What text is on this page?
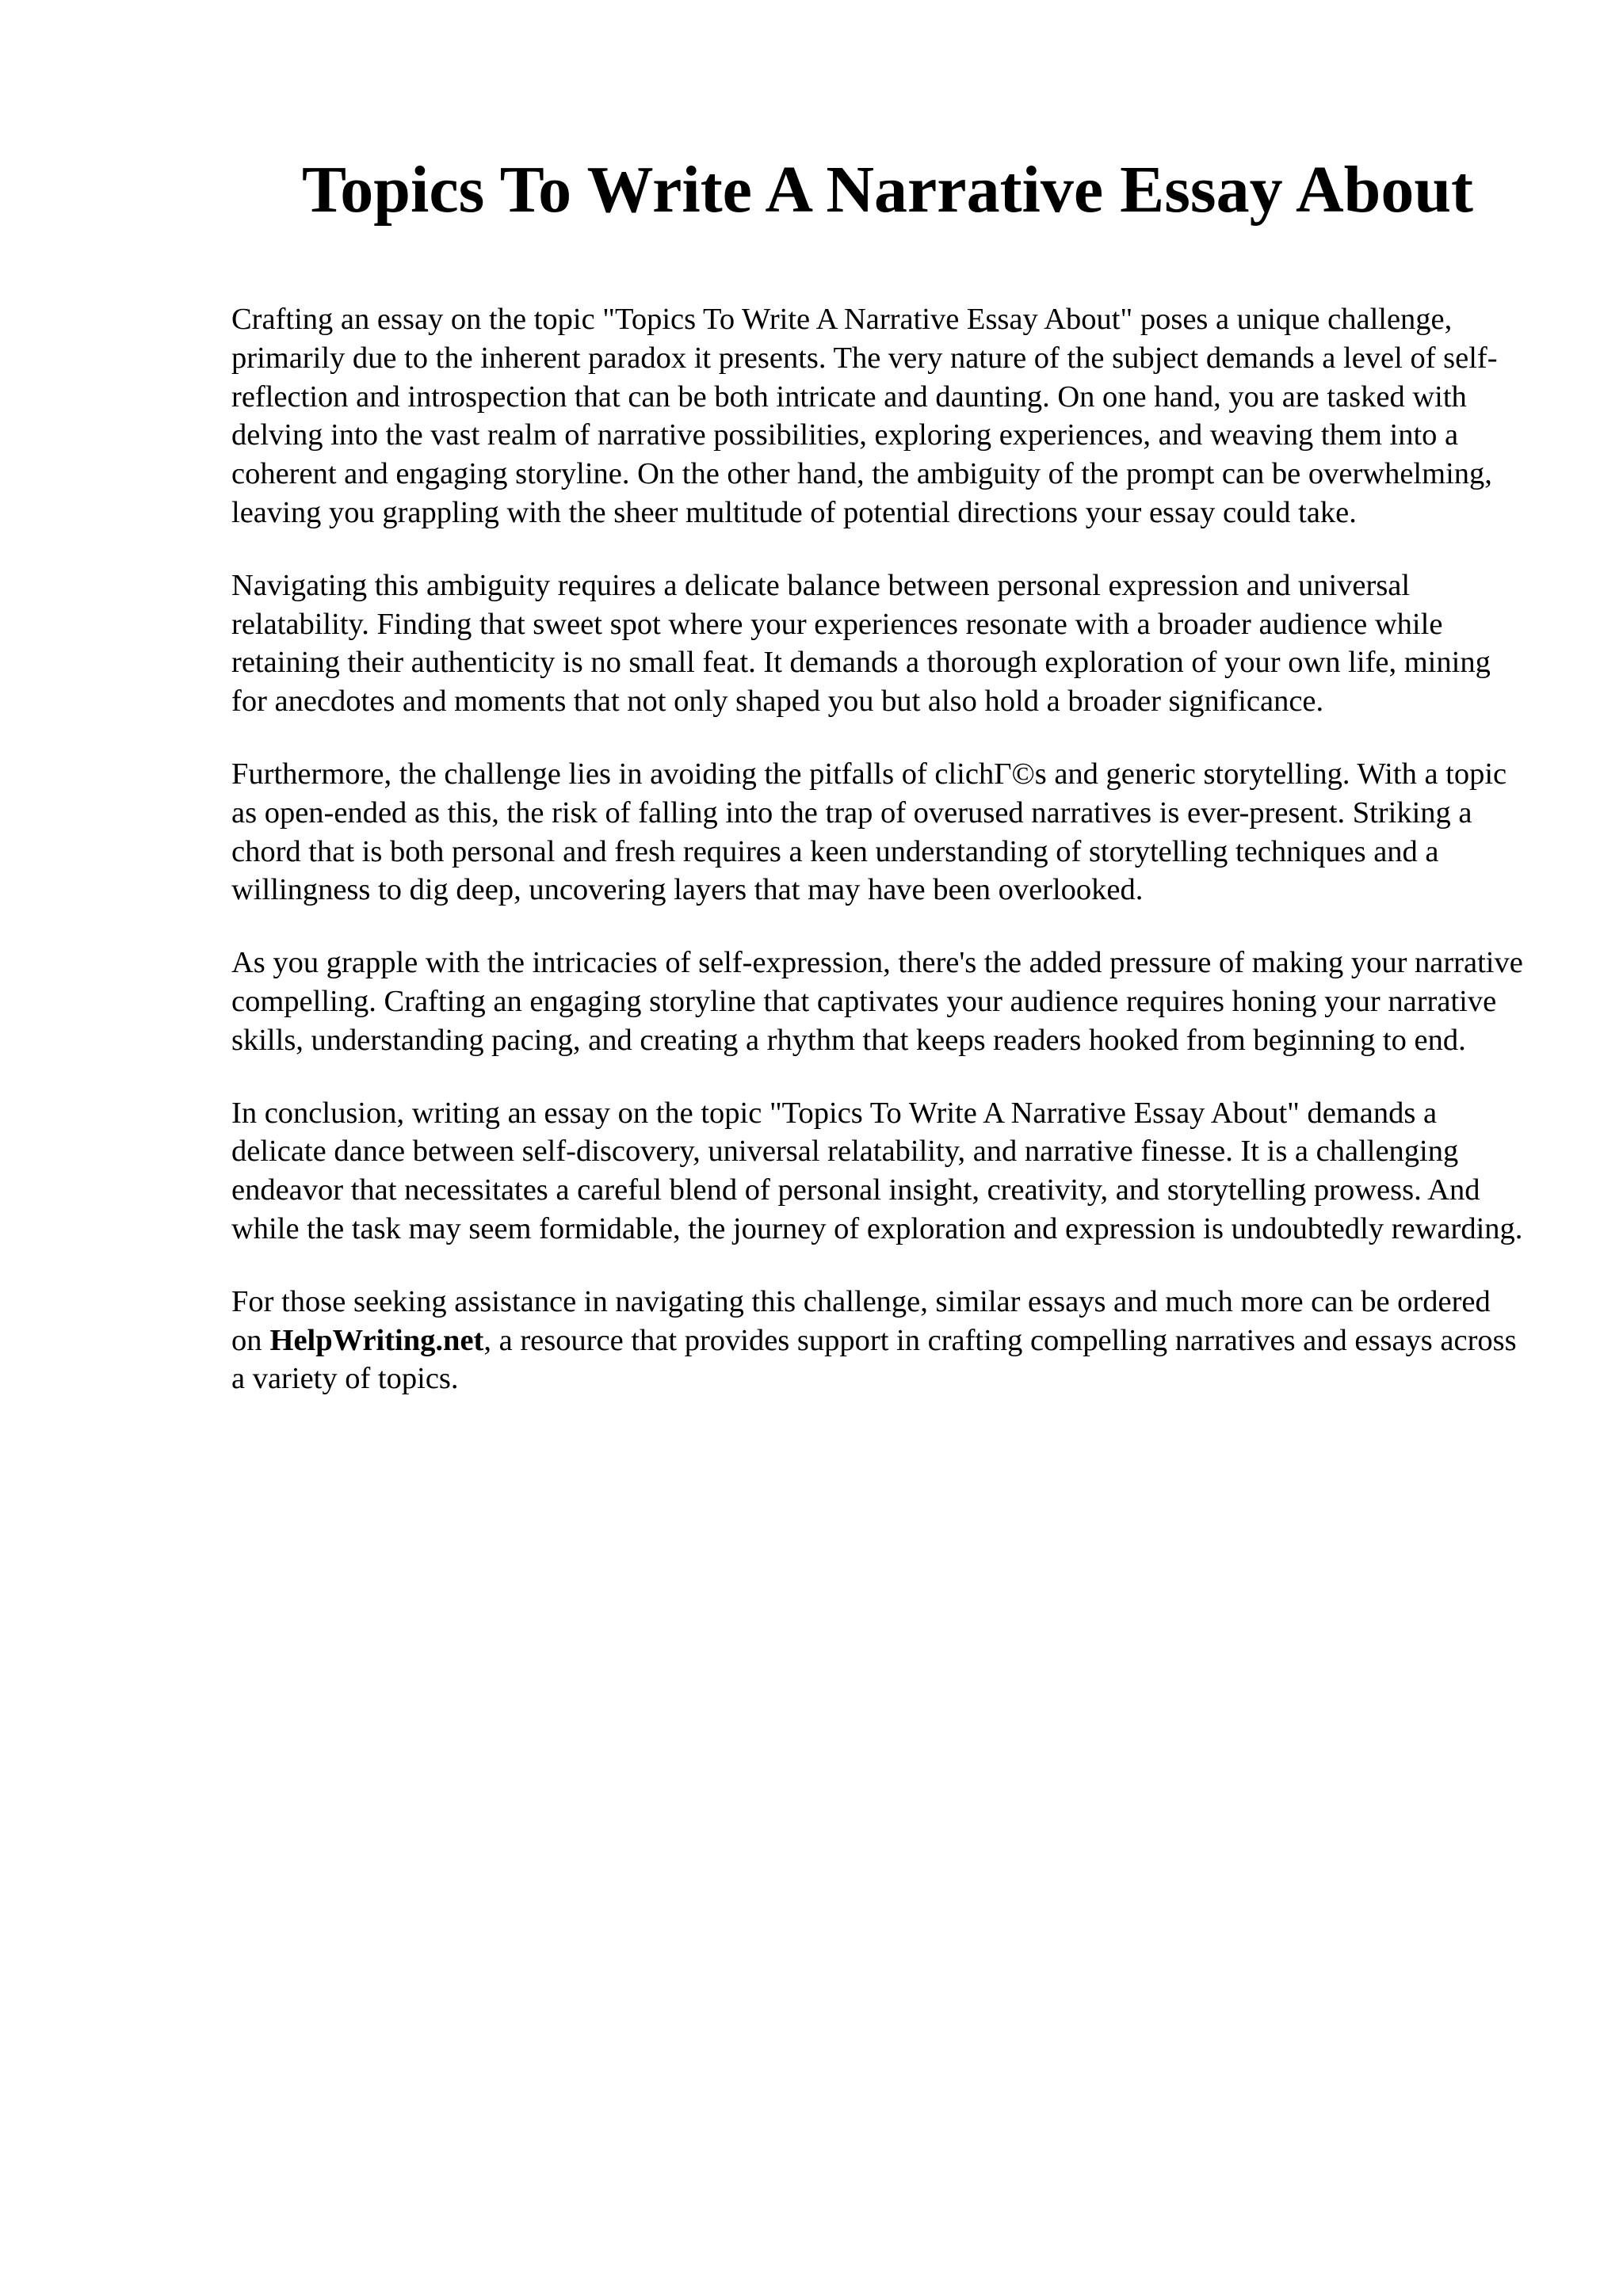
Topics To Write A Narrative Essay About

Crafting an essay on the topic "Topics To Write A Narrative Essay About" poses a unique challenge, primarily due to the inherent paradox it presents. The very nature of the subject demands a level of self-reflection and introspection that can be both intricate and daunting. On one hand, you are tasked with delving into the vast realm of narrative possibilities, exploring experiences, and weaving them into a coherent and engaging storyline. On the other hand, the ambiguity of the prompt can be overwhelming, leaving you grappling with the sheer multitude of potential directions your essay could take.

Navigating this ambiguity requires a delicate balance between personal expression and universal relatability. Finding that sweet spot where your experiences resonate with a broader audience while retaining their authenticity is no small feat. It demands a thorough exploration of your own life, mining for anecdotes and moments that not only shaped you but also hold a broader significance.

Furthermore, the challenge lies in avoiding the pitfalls of clichΓ©s and generic storytelling. With a topic as open-ended as this, the risk of falling into the trap of overused narratives is ever-present. Striking a chord that is both personal and fresh requires a keen understanding of storytelling techniques and a willingness to dig deep, uncovering layers that may have been overlooked.

As you grapple with the intricacies of self-expression, there's the added pressure of making your narrative compelling. Crafting an engaging storyline that captivates your audience requires honing your narrative skills, understanding pacing, and creating a rhythm that keeps readers hooked from beginning to end.

In conclusion, writing an essay on the topic "Topics To Write A Narrative Essay About" demands a delicate dance between self-discovery, universal relatability, and narrative finesse. It is a challenging endeavor that necessitates a careful blend of personal insight, creativity, and storytelling prowess. And while the task may seem formidable, the journey of exploration and expression is undoubtedly rewarding.

For those seeking assistance in navigating this challenge, similar essays and much more can be ordered on HelpWriting.net, a resource that provides support in crafting compelling narratives and essays across a variety of topics.
